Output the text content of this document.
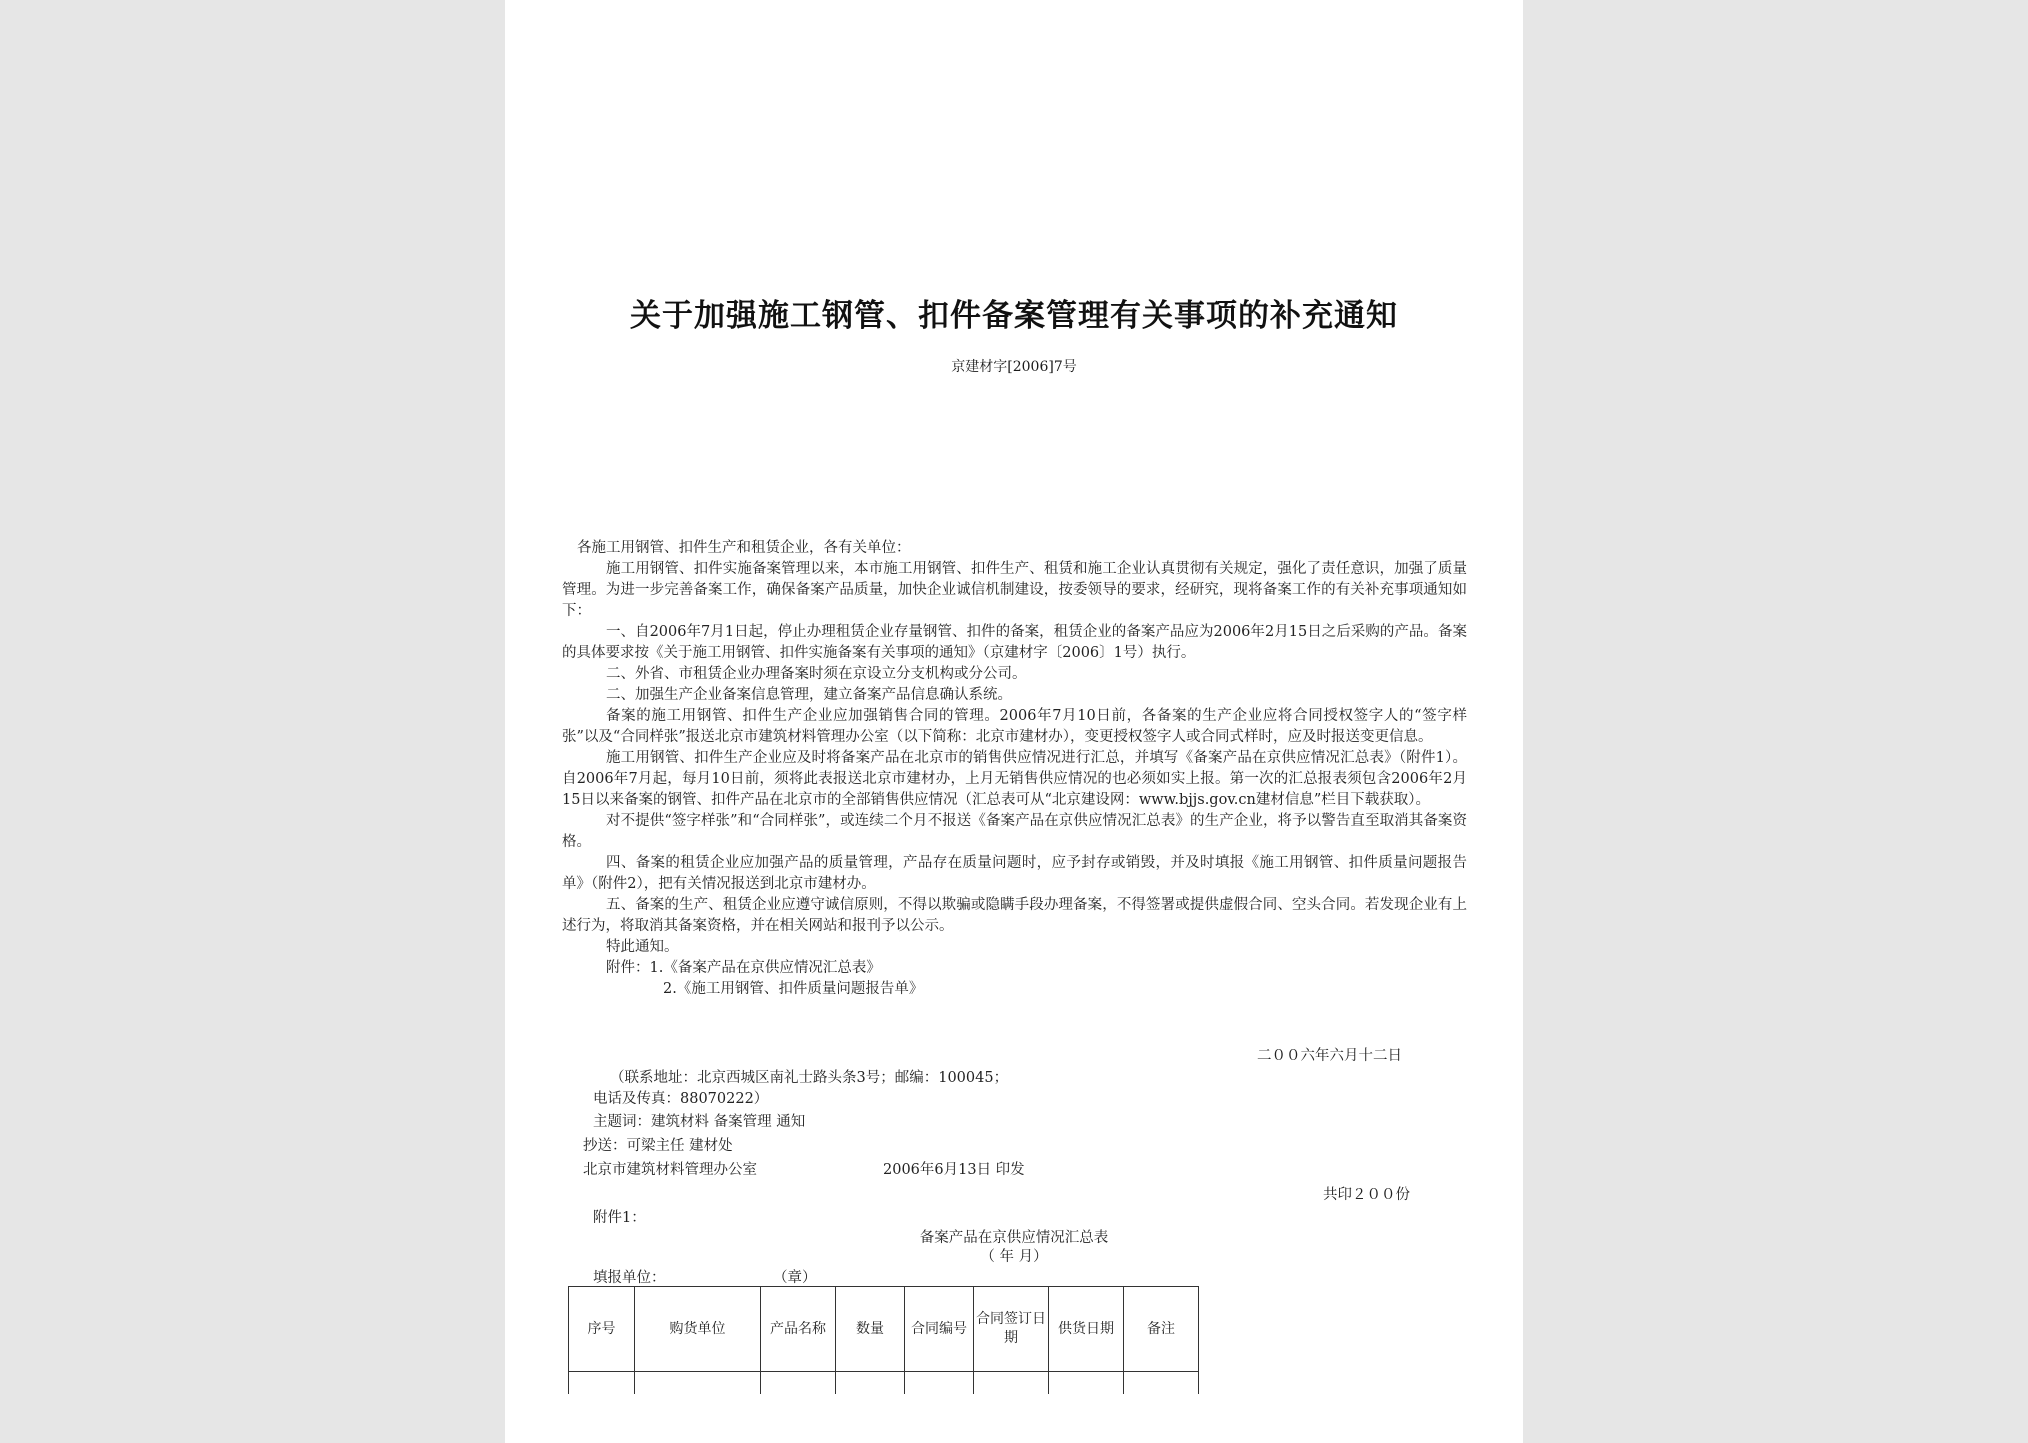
关于加强施工钢管、扣件备案管理有关事项的补充通知
京建材字[2006]7号

各施工用钢管、扣件生产和租赁企业，各有关单位：

施工用钢管、扣件实施备案管理以来，本市施工用钢管、扣件生产、租赁和施工企业认真贯彻有关规定，强化了责任意识，加强了质量管理。为进一步完善备案工作，确保备案产品质量，加快企业诚信机制建设，按委领导的要求，经研究，现将备案工作的有关补充事项通知如下：

一、自2006年7月1日起，停止办理租赁企业存量钢管、扣件的备案，租赁企业的备案产品应为2006年2月15日之后采购的产品。备案的具体要求按《关于施工用钢管、扣件实施备案有关事项的通知》（京建材字〔2006〕1号）执行。

二、外省、市租赁企业办理备案时须在京设立分支机构或分公司。

二、加强生产企业备案信息管理，建立备案产品信息确认系统。

备案的施工用钢管、扣件生产企业应加强销售合同的管理。2006年7月10日前，各备案的生产企业应将合同授权签字人的“签字样张”以及“合同样张”报送北京市建筑材料管理办公室（以下简称：北京市建材办），变更授权签字人或合同式样时，应及时报送变更信息。

施工用钢管、扣件生产企业应及时将备案产品在北京市的销售供应情况进行汇总，并填写《备案产品在京供应情况汇总表》（附件1）。自2006年7月起，每月10日前，须将此表报送北京市建材办，上月无销售供应情况的也必须如实上报。第一次的汇总报表须包含2006年2月15日以来备案的钢管、扣件产品在北京市的全部销售供应情况（汇总表可从“北京建设网：www.bjjs.gov.cn建材信息”栏目下载获取）。

对不提供“签字样张”和“合同样张”，或连续二个月不报送《备案产品在京供应情况汇总表》的生产企业，将予以警告直至取消其备案资格。

四、备案的租赁企业应加强产品的质量管理，产品存在质量问题时，应予封存或销毁，并及时填报《施工用钢管、扣件质量问题报告单》（附件2），把有关情况报送到北京市建材办。

五、备案的生产、租赁企业应遵守诚信原则，不得以欺骗或隐瞒手段办理备案，不得签署或提供虚假合同、空头合同。若发现企业有上述行为，将取消其备案资格，并在相关网站和报刊予以公示。

特此通知。

附件：1.《备案产品在京供应情况汇总表》

2.《施工用钢管、扣件质量问题报告单》

二００六年六月十二日
（联系地址：北京西城区南礼士路头条3号；邮编：100045；
电话及传真：88070222）
主题词：建筑材料 备案管理 通知
抄送：可梁主任 建材处
北京市建筑材料管理办公室	2006年6月13日 印发
共印２００份
附件1：
备案产品在京供应情况汇总表
（ 年 月）
填报单位：	（章）
序号	购货单位	产品名称	数量	合同编号	合同签订日期	供货日期	备注
